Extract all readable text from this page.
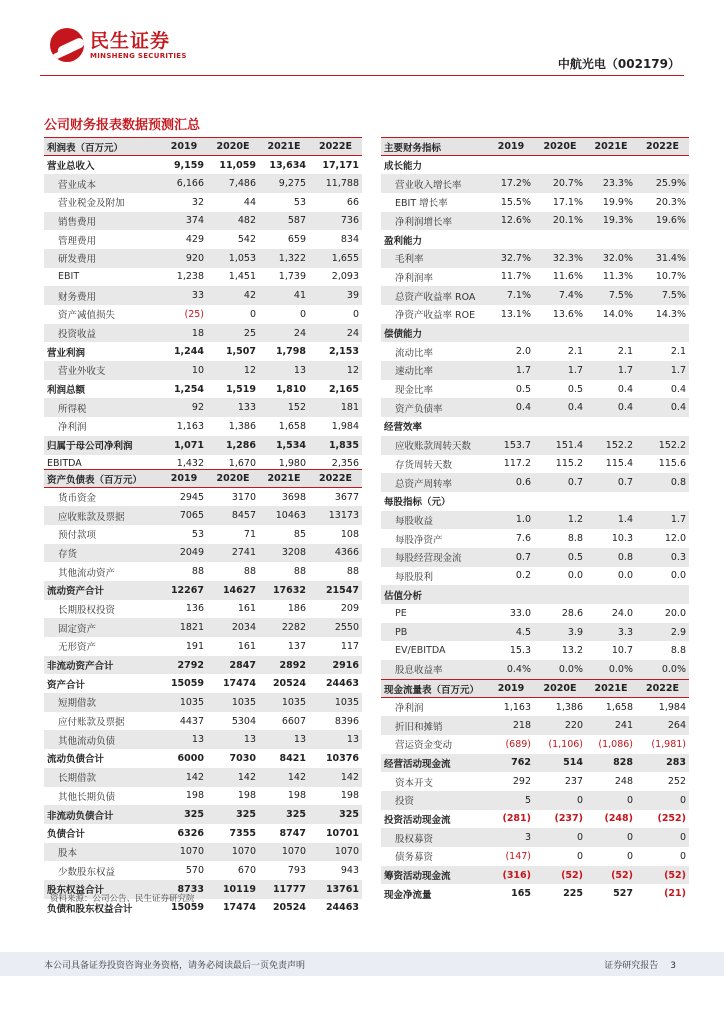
民生证券
MINSHENG SECURITIES
中航光电（002179）
公司财务报表数据预测汇总
利润表（百万元）	2019	2020E	2021E	2022E
营业总收入	9,159	11,059	13,634	17,171
营业成本	6,166	7,486	9,275	11,788
营业税金及附加	32	44	53	66
销售费用	374	482	587	736
管理费用	429	542	659	834
研发费用	920	1,053	1,322	1,655
EBIT	1,238	1,451	1,739	2,093
财务费用	33	42	41	39
资产减值损失	(25)	0	0	0
投资收益	18	25	24	24
营业利润	1,244	1,507	1,798	2,153
营业外收支	10	12	13	12
利润总额	1,254	1,519	1,810	2,165
所得税	92	133	152	181
净利润	1,163	1,386	1,658	1,984
归属于母公司净利润	1,071	1,286	1,534	1,835
EBITDA	1,432	1,670	1,980	2,356
主要财务指标	2019	2020E	2021E	2022E
成长能力				
营业收入增长率	17.2%	20.7%	23.3%	25.9%
EBIT 增长率	15.5%	17.1%	19.9%	20.3%
净利润增长率	12.6%	20.1%	19.3%	19.6%
盈利能力				
毛利率	32.7%	32.3%	32.0%	31.4%
净利润率	11.7%	11.6%	11.3%	10.7%
总资产收益率 ROA	7.1%	7.4%	7.5%	7.5%
净资产收益率 ROE	13.1%	13.6%	14.0%	14.3%
偿债能力				
流动比率	2.0	2.1	2.1	2.1
速动比率	1.7	1.7	1.7	1.7
现金比率	0.5	0.5	0.4	0.4
资产负债率	0.4	0.4	0.4	0.4
经营效率				
应收账款周转天数	153.7	151.4	152.2	152.2
存货周转天数	117.2	115.2	115.4	115.6
总资产周转率	0.6	0.7	0.7	0.8
每股指标（元）				
每股收益	1.0	1.2	1.4	1.7
每股净资产	7.6	8.8	10.3	12.0
每股经营现金流	0.7	0.5	0.8	0.3
每股股利	0.2	0.0	0.0	0.0
估值分析				
PE	33.0	28.6	24.0	20.0
PB	4.5	3.9	3.3	2.9
EV/EBITDA	15.3	13.2	10.7	8.8
股息收益率	0.4%	0.0%	0.0%	0.0%
资产负债表（百万元）	2019	2020E	2021E	2022E
货币资金	2945	3170	3698	3677
应收账款及票据	7065	8457	10463	13173
预付款项	53	71	85	108
存货	2049	2741	3208	4366
其他流动资产	88	88	88	88
流动资产合计	12267	14627	17632	21547
长期股权投资	136	161	186	209
固定资产	1821	2034	2282	2550
无形资产	191	161	137	117
非流动资产合计	2792	2847	2892	2916
资产合计	15059	17474	20524	24463
短期借款	1035	1035	1035	1035
应付账款及票据	4437	5304	6607	8396
其他流动负债	13	13	13	13
流动负债合计	6000	7030	8421	10376
长期借款	142	142	142	142
其他长期负债	198	198	198	198
非流动负债合计	325	325	325	325
负债合计	6326	7355	8747	10701
股本	1070	1070	1070	1070
少数股东权益	570	670	793	943
股东权益合计	8733	10119	11777	13761
负债和股东权益合计	15059	17474	20524	24463
现金流量表（百万元）	2019	2020E	2021E	2022E
净利润	1,163	1,386	1,658	1,984
折旧和摊销	218	220	241	264
营运资金变动	(689)	(1,106)	(1,086)	(1,981)
经营活动现金流	762	514	828	283
资本开支	292	237	248	252
投资	5	0	0	0
投资活动现金流	(281)	(237)	(248)	(252)
股权募资	3	0	0	0
债务募资	(147)	0	0	0
筹资活动现金流	(316)	(52)	(52)	(52)
现金净流量	165	225	527	(21)
资料来源：公司公告、民生证券研究院
本公司具备证券投资咨询业务资格，请务必阅读最后一页免责声明	证券研究报告 3
